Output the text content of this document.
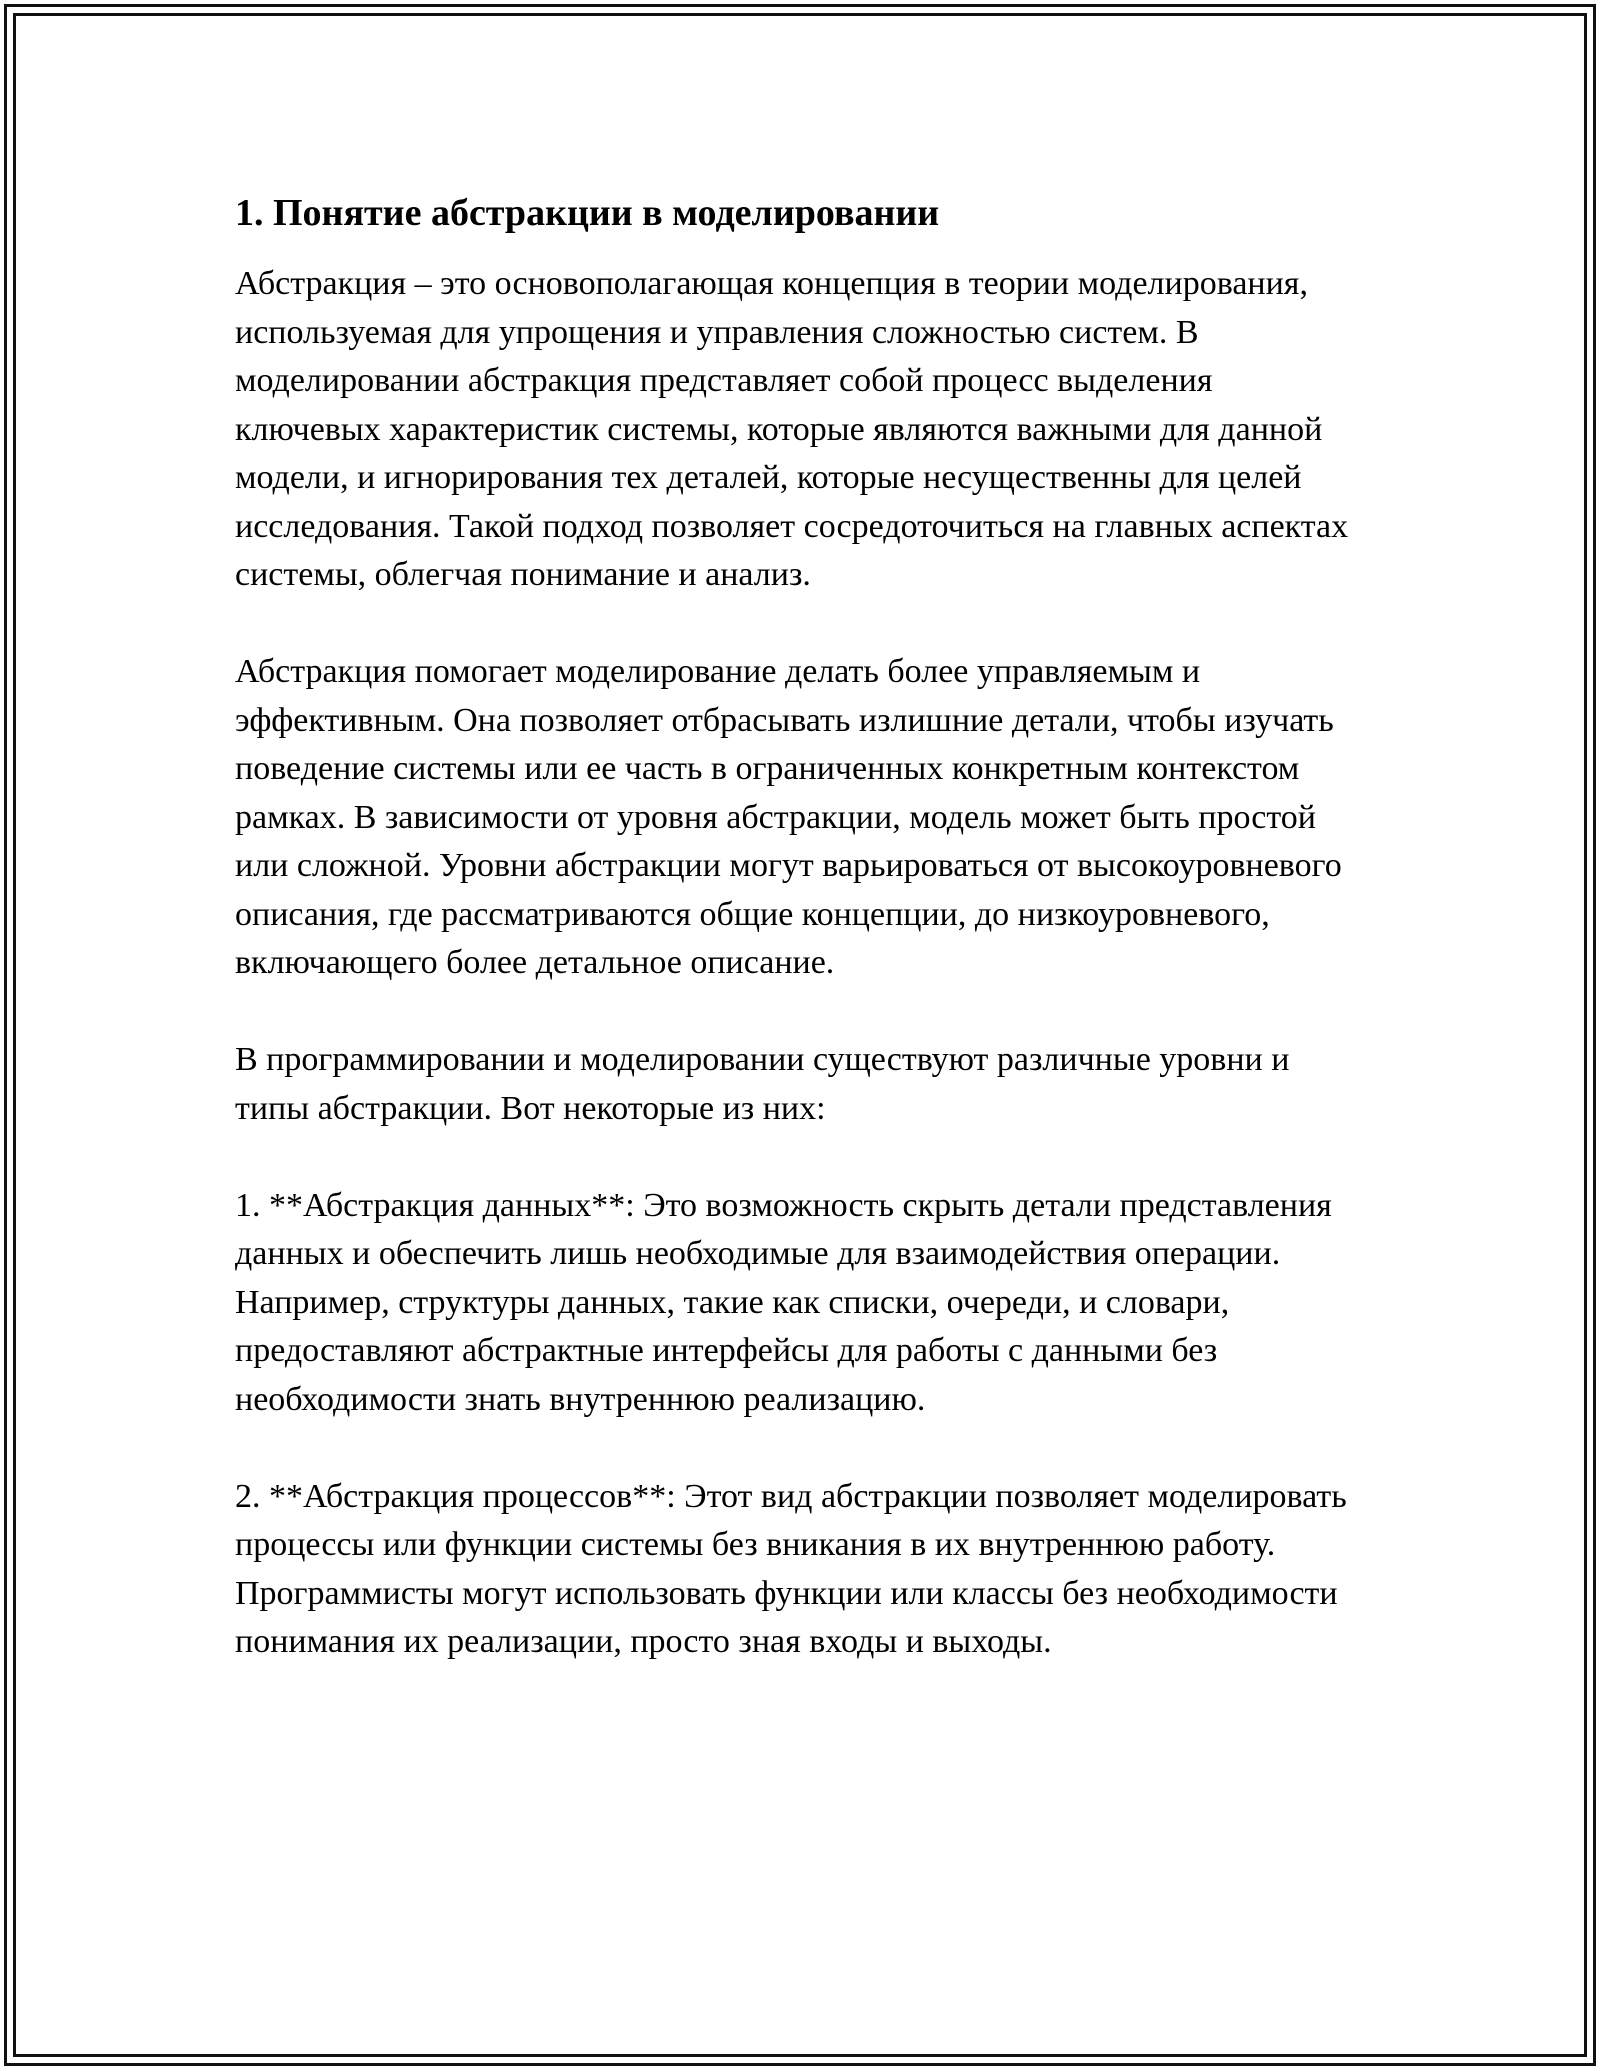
1. Понятие абстракции в моделировании

Абстракция – это основополагающая концепция в теории моделирования, используемая для упрощения и управления сложностью систем. В моделировании абстракция представляет собой процесс выделения ключевых характеристик системы, которые являются важными для данной модели, и игнорирования тех деталей, которые несущественны для целей исследования. Такой подход позволяет сосредоточиться на главных аспектах системы, облегчая понимание и анализ.

Абстракция помогает моделирование делать более управляемым и эффективным. Она позволяет отбрасывать излишние детали, чтобы изучать поведение системы или ее часть в ограниченных конкретным контекстом рамках. В зависимости от уровня абстракции, модель может быть простой или сложной. Уровни абстракции могут варьироваться от высокоуровневого описания, где рассматриваются общие концепции, до низкоуровневого, включающего более детальное описание.

В программировании и моделировании существуют различные уровни и типы абстракции. Вот некоторые из них:

1. **Абстракция данных**: Это возможность скрыть детали представления данных и обеспечить лишь необходимые для взаимодействия операции. Например, структуры данных, такие как списки, очереди, и словари, предоставляют абстрактные интерфейсы для работы с данными без необходимости знать внутреннюю реализацию.

2. **Абстракция процессов**: Этот вид абстракции позволяет моделировать процессы или функции системы без вникания в их внутреннюю работу. Программисты могут использовать функции или классы без необходимости понимания их реализации, просто зная входы и выходы.
